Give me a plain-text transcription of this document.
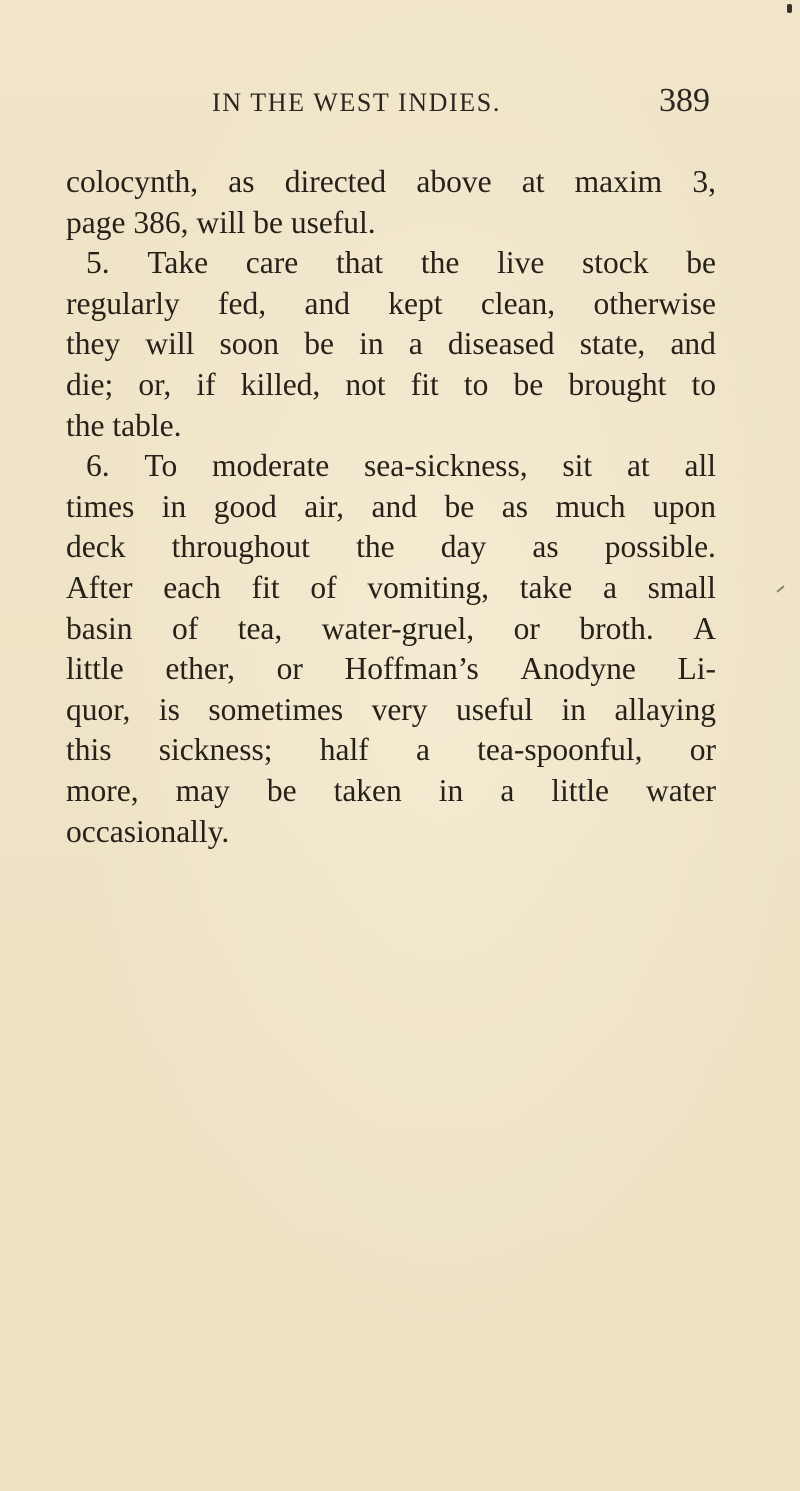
IN THE WEST INDIES.	389
colocynth, as directed above at maxim 3,
page 386, will be useful.
5. Take care that the live stock be
regularly fed, and kept clean, otherwise
they will soon be in a diseased state, and
die; or, if killed, not fit to be brought to
the table.
6. To moderate sea-sickness, sit at all
times in good air, and be as much upon
deck throughout the day as possible.
After each fit of vomiting, take a small
basin of tea, water-gruel, or broth. A
little ether, or Hoffman’s Anodyne Li-
quor, is sometimes very useful in allaying
this sickness; half a tea-spoonful, or
more, may be taken in a little water
occasionally.
